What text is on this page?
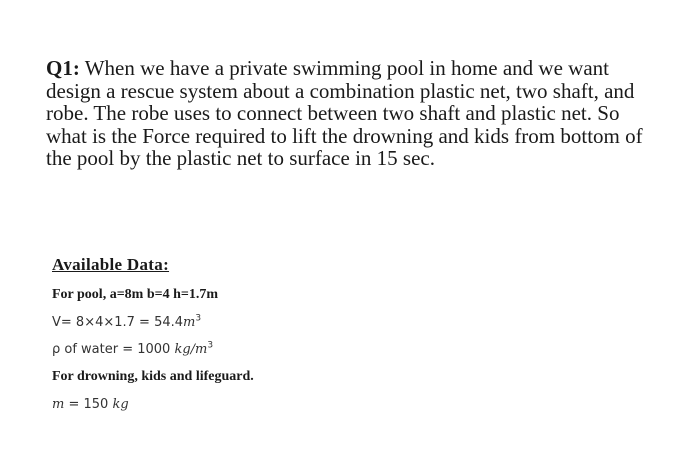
Q1: When we have a private swimming pool in home and we want design a rescue system about a combination plastic net, two shaft, and robe. The robe uses to connect between two shaft and plastic net. So what is the Force required to lift the drowning and kids from bottom of the pool by the plastic net to surface in 15 sec.
Available Data:
For pool, a=8m b=4 h=1.7m
$V= 8\times 4\times 1.7 = 54.4m^3$
ρ of water = 1000 $kg/m^3$
For drowning, kids and lifeguard.
m = 150 kg
